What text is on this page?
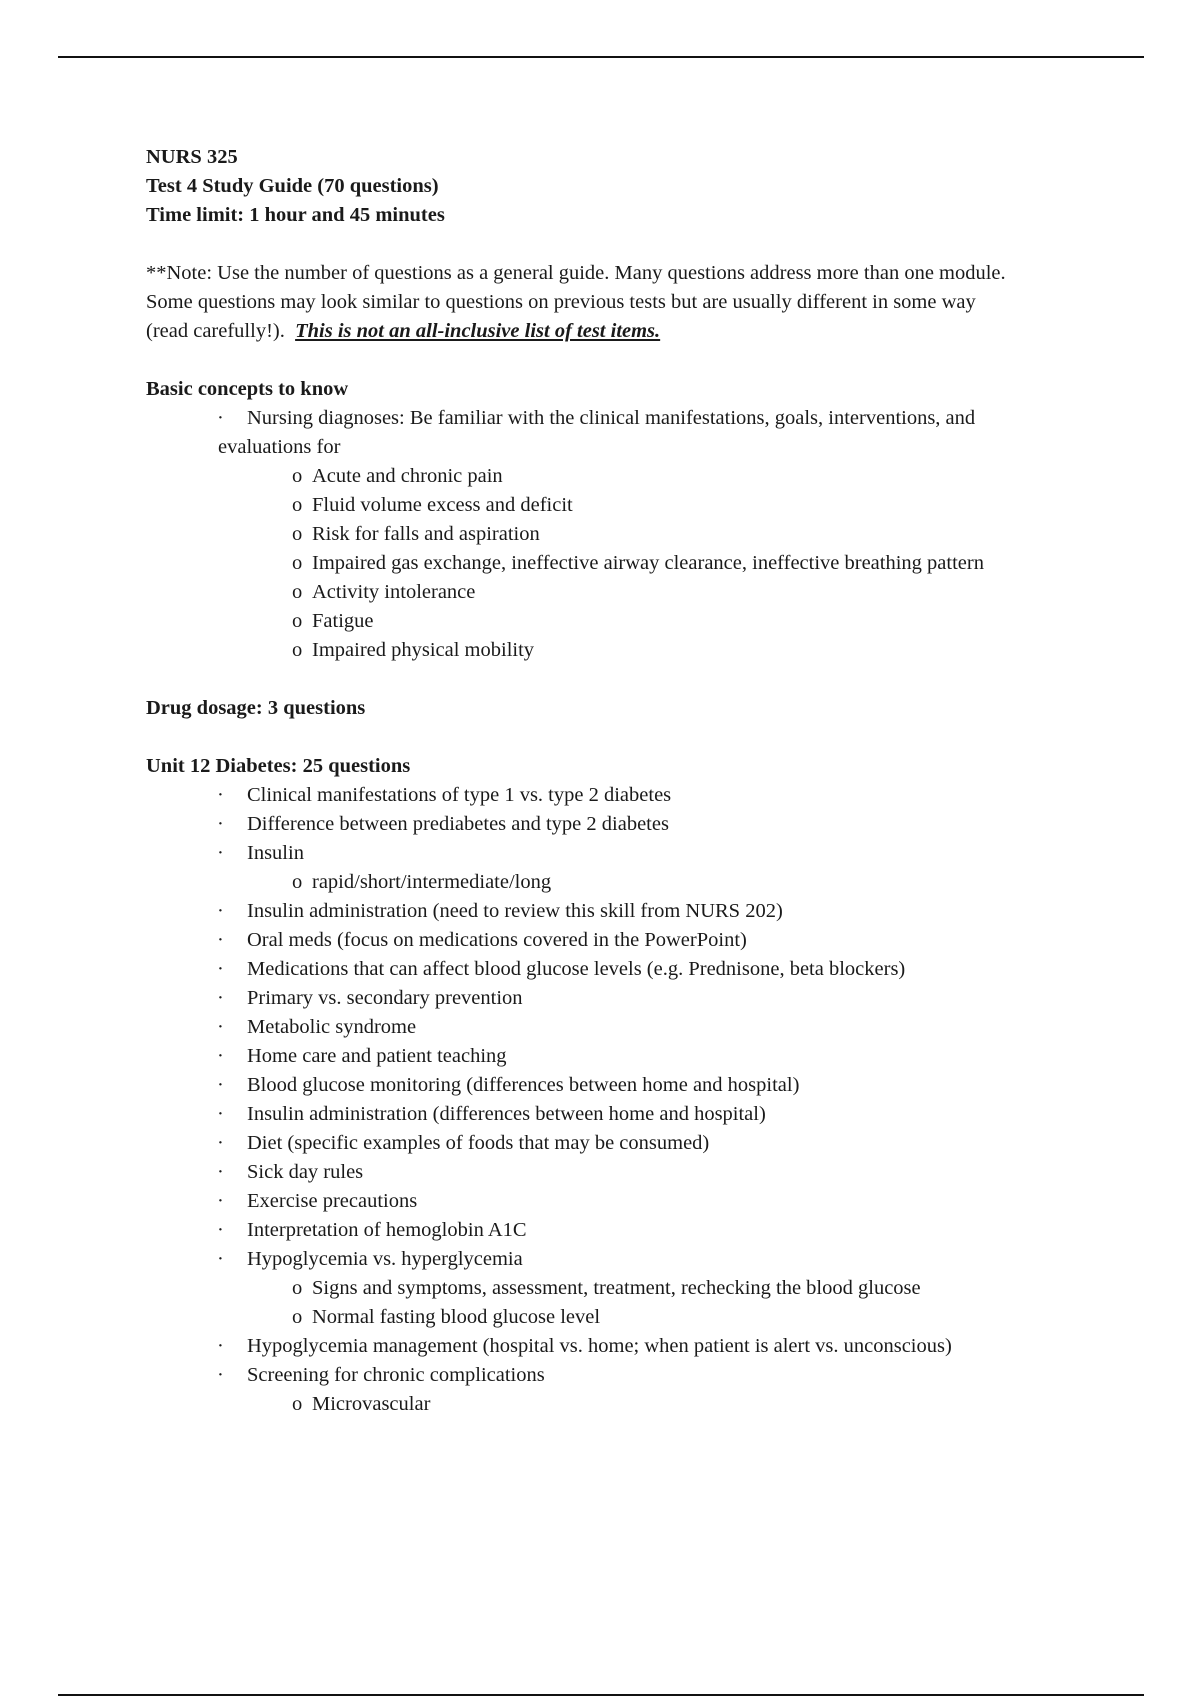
NURS 325
Test 4 Study Guide (70 questions)
Time limit: 1 hour and 45 minutes
**Note: Use the number of questions as a general guide. Many questions address more than one module.
Some questions may look similar to questions on previous tests but are usually different in some way
(read carefully!).  This is not an all-inclusive list of test items.
Basic concepts to know
·	Nursing diagnoses: Be familiar with the clinical manifestations, goals, interventions, and
evaluations for
o Acute and chronic pain
o Fluid volume excess and deficit
o Risk for falls and aspiration
o Impaired gas exchange, ineffective airway clearance, ineffective breathing pattern
o Activity intolerance
o Fatigue
o Impaired physical mobility
Drug dosage: 3 questions
Unit 12 Diabetes: 25 questions
· Clinical manifestations of type 1 vs. type 2 diabetes
· Difference between prediabetes and type 2 diabetes
· Insulin
o rapid/short/intermediate/long
· Insulin administration (need to review this skill from NURS 202)
· Oral meds (focus on medications covered in the PowerPoint)
· Medications that can affect blood glucose levels (e.g. Prednisone, beta blockers)
· Primary vs. secondary prevention
· Metabolic syndrome
· Home care and patient teaching
· Blood glucose monitoring (differences between home and hospital)
· Insulin administration (differences between home and hospital)
· Diet (specific examples of foods that may be consumed)
· Sick day rules
· Exercise precautions
· Interpretation of hemoglobin A1C
· Hypoglycemia vs. hyperglycemia
o Signs and symptoms, assessment, treatment, rechecking the blood glucose
o Normal fasting blood glucose level
· Hypoglycemia management (hospital vs. home; when patient is alert vs. unconscious)
· Screening for chronic complications
o Microvascular
